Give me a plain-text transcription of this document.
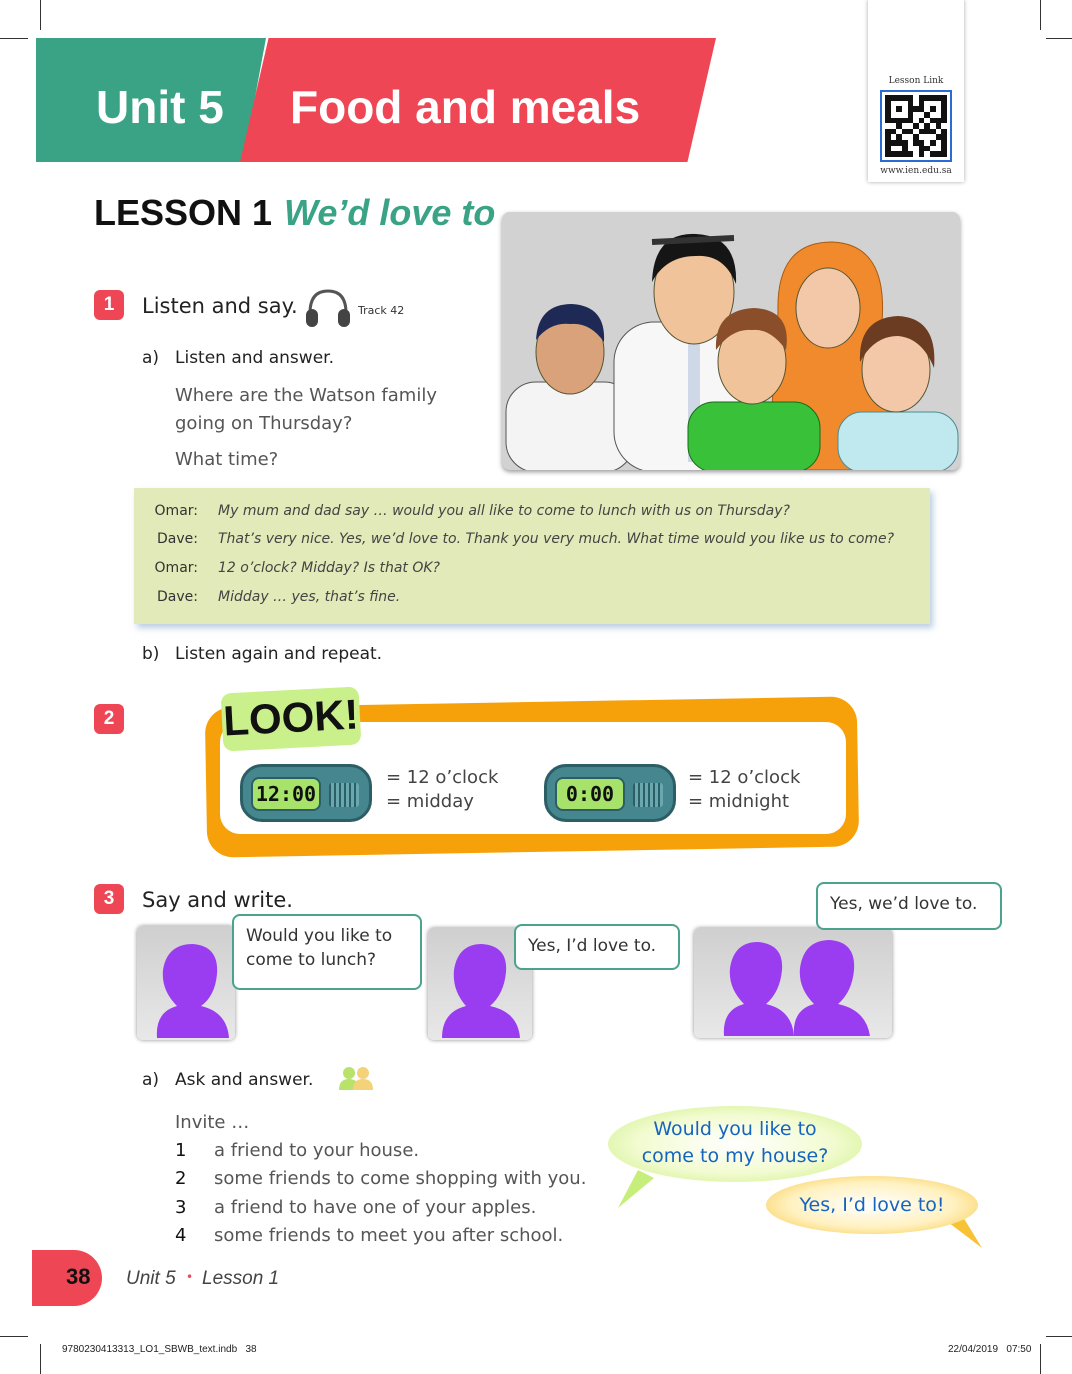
Unit 5 Food and meals	Lesson Link
www.ien.edu.sa
LESSON 1 We’d love to
1	Listen and say.	Track 42
a) Listen and answer.
Where are the Watson family going on Thursday?
What time?
Omar: My mum and dad say … would you all like to come to lunch with us on Thursday?
Dave: That’s very nice. Yes, we’d love to. Thank you very much. What time would you like us to come?
Omar: 12 o’clock? Midday? Is that OK?
Dave: Midday … yes, that’s fine.
b) Listen again and repeat.
2	LOOK!
12:00
= 12 o’clock
= midday	0:00
= 12 o’clock
= midnight
3	Say and write.
Would you like to come to lunch?
Yes, I’d love to.
Yes, we’d love to.
a) Ask and answer.
Invite …
1 a friend to your house.
2 some friends to come shopping with you.
3 a friend to have one of your apples.
4 some friends to meet you after school.
Would you like to come to my house?
Yes, I’d love to!
38 Unit 5 • Lesson 1
9780230413313_LO1_SBWB_text.indb   38	22/04/2019   07:50
